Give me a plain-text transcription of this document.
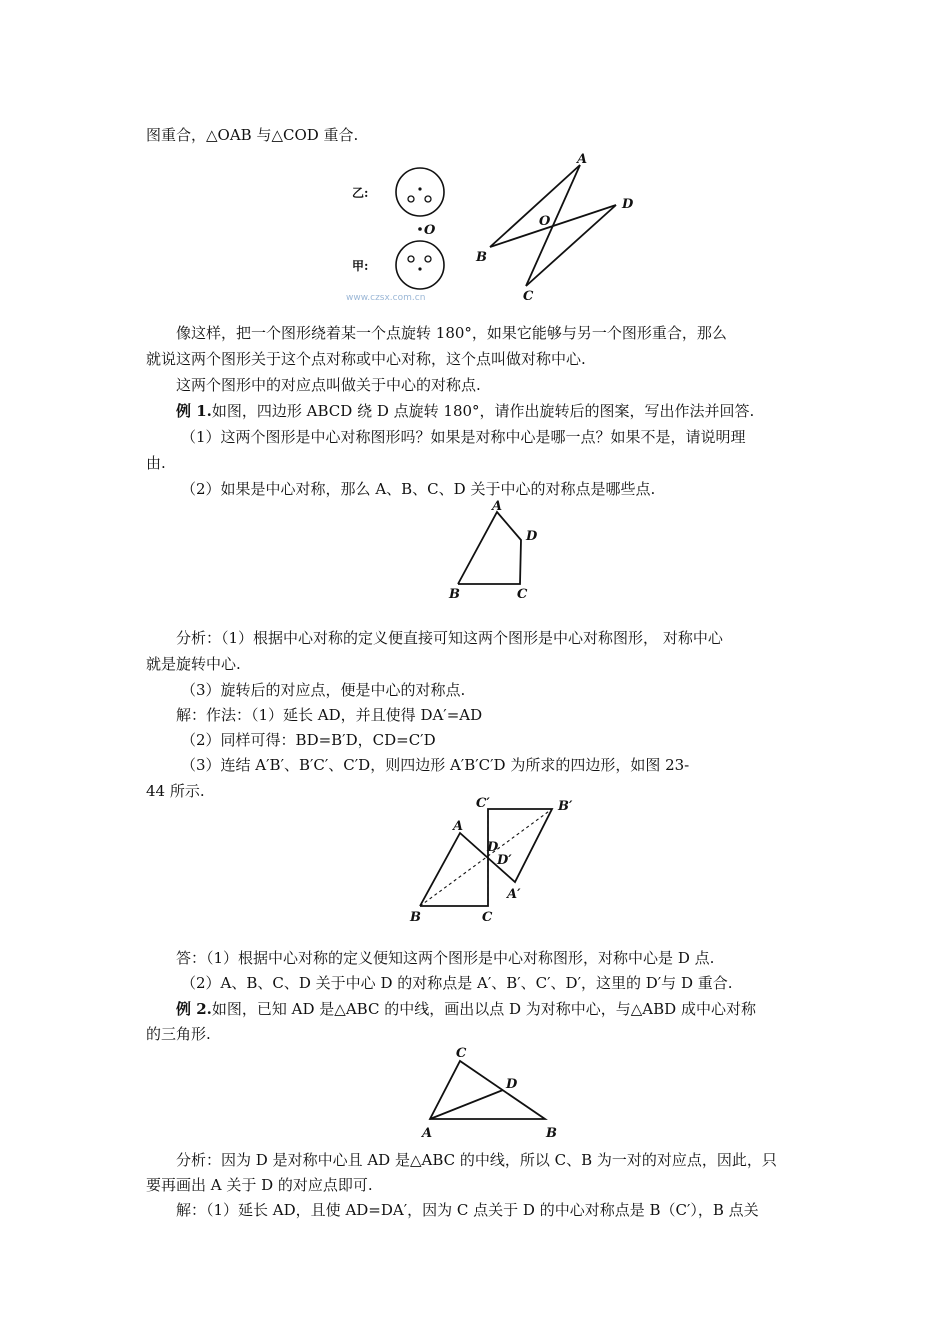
图重合，△OAB 与△COD 重合.
乙:
O
甲:
www.czsx.com.cn
A
B
C
D
O
像这样，把一个图形绕着某一个点旋转 180°，如果它能够与另一个图形重合，那么
就说这两个图形关于这个点对称或中心对称，这个点叫做对称中心.
这两个图形中的对应点叫做关于中心的对称点.
例 1.如图，四边形 ABCD 绕 D 点旋转 180°，请作出旋转后的图案，写出作法并回答.
（1）这两个图形是中心对称图形吗？如果是对称中心是哪一点？如果不是，请说明理
由.
（2）如果是中心对称，那么 A、B、C、D 关于中心的对称点是哪些点.
A
B	C
D
分析：（1）根据中心对称的定义便直接可知这两个图形是中心对称图形， 对称中心
就是旋转中心.
（3）旋转后的对应点，便是中心的对称点.
解：作法：（1）延长 AD，并且使得 DA′=AD
（2）同样可得：BD=B′D，CD=C′D
（3）连结 A′B′、B′C′、C′D，则四边形 A′B′C′D 为所求的四边形，如图 23-
44 所示.
A
B	C
D
A′
B′
C′
D′
答：（1）根据中心对称的定义便知这两个图形是中心对称图形，对称中心是 D 点.
（2）A、B、C、D 关于中心 D 的对称点是 A′、B′、C′、D′，这里的 D′与 D 重合.
例 2.如图，已知 AD 是△ABC 的中线，画出以点 D 为对称中心，与△ABD 成中心对称
的三角形.
C
D
A	B
分析：因为 D 是对称中心且 AD 是△ABC 的中线，所以 C、B 为一对的对应点，因此，只
要再画出 A 关于 D 的对应点即可.
解：（1）延长 AD，且使 AD=DA′，因为 C 点关于 D 的中心对称点是 B（C′），B 点关
